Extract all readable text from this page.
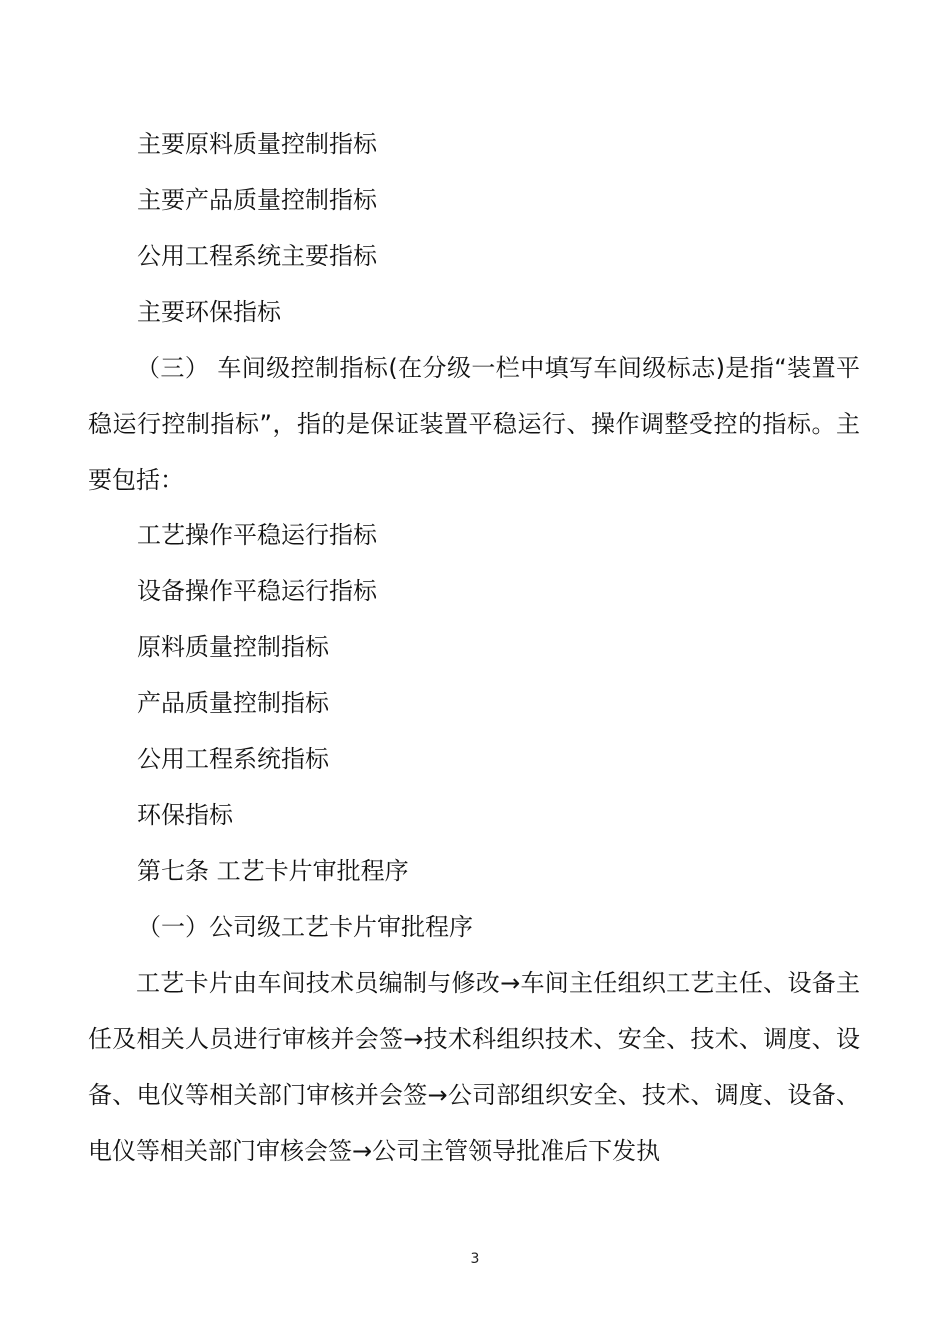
主要原料质量控制指标
主要产品质量控制指标
公用工程系统主要指标
主要环保指标
（三） 车间级控制指标(在分级一栏中填写车间级标志)是指“装置平稳运行控制指标”，指的是保证装置平稳运行、操作调整受控的指标。主要包括：
工艺操作平稳运行指标
设备操作平稳运行指标
原料质量控制指标
产品质量控制指标
公用工程系统指标
环保指标
第七条 工艺卡片审批程序
（一）公司级工艺卡片审批程序
工艺卡片由车间技术员编制与修改→车间主任组织工艺主任、设备主任及相关人员进行审核并会签→技术科组织技术、安全、技术、调度、设备、电仪等相关部门审核并会签→公司部组织安全、技术、调度、设备、电仪等相关部门审核会签→公司主管领导批准后下发执
3
